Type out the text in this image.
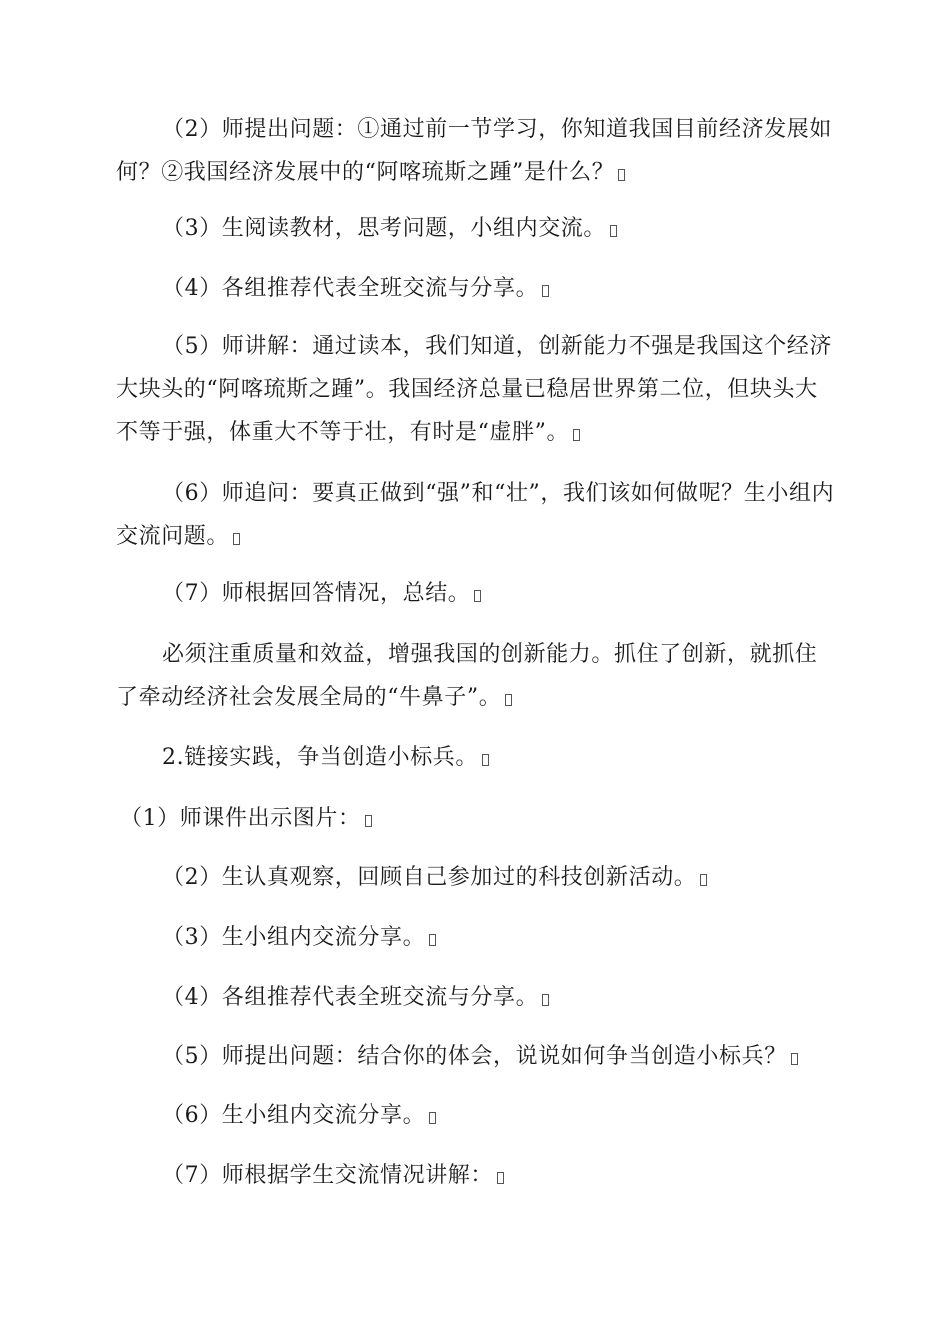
（2）师提出问题：①通过前一节学习，你知道我国目前经济发展如何？②我国经济发展中的“阿喀琉斯之踵”是什么？

（3）生阅读教材，思考问题，小组内交流。

（4）各组推荐代表全班交流与分享。

（5）师讲解：通过读本，我们知道，创新能力不强是我国这个经济大块头的“阿喀琉斯之踵”。我国经济总量已稳居世界第二位，但块头大不等于强，体重大不等于壮，有时是“虚胖”。

（6）师追问：要真正做到“强”和“壮”，我们该如何做呢？生小组内交流问题。

（7）师根据回答情况，总结。

必须注重质量和效益，增强我国的创新能力。抓住了创新，就抓住了牵动经济社会发展全局的“牛鼻子”。

2.链接实践，争当创造小标兵。

（1）师课件出示图片：

（2）生认真观察，回顾自己参加过的科技创新活动。

（3）生小组内交流分享。

（4）各组推荐代表全班交流与分享。

（5）师提出问题：结合你的体会，说说如何争当创造小标兵？

（6）生小组内交流分享。

（7）师根据学生交流情况讲解：
